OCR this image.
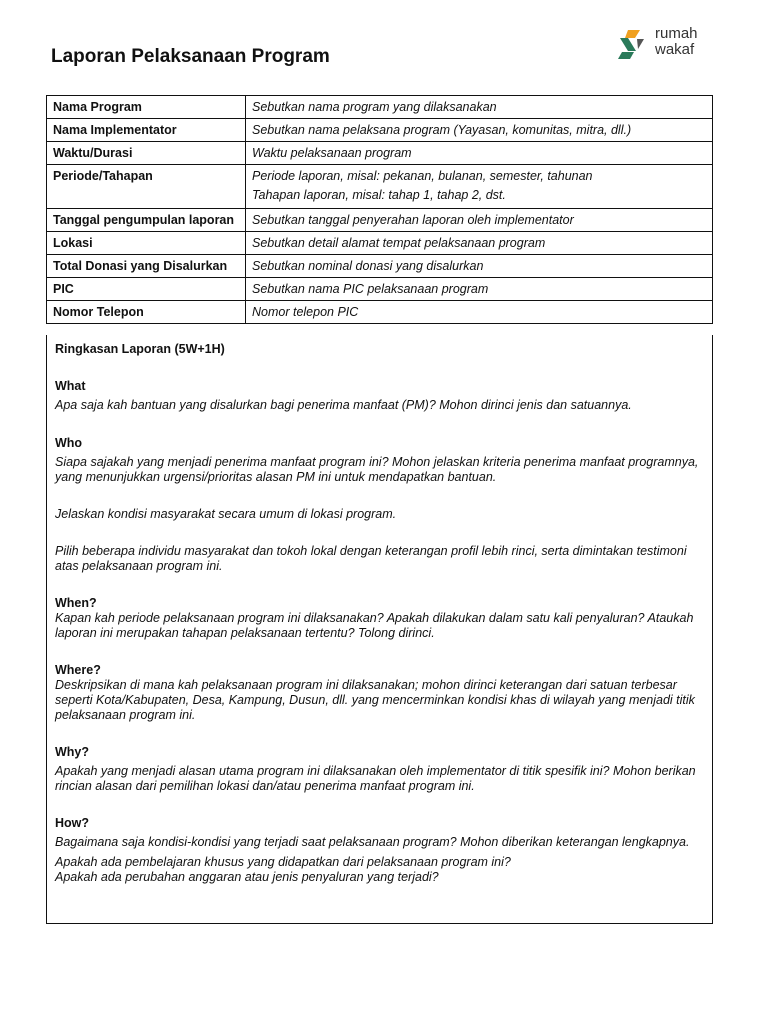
Laporan Pelaksanaan Program
rumah
wakaf
Nama Program	Sebutkan nama program yang dilaksanakan
Nama Implementator	Sebutkan nama pelaksana program (Yayasan, komunitas, mitra, dll.)
Waktu/Durasi	Waktu pelaksanaan program
Periode/Tahapan	Periode laporan, misal: pekanan, bulanan, semester, tahunan
Tahapan laporan, misal: tahap 1, tahap 2, dst.

Tanggal pengumpulan laporan	Sebutkan tanggal penyerahan laporan oleh implementator
Lokasi	Sebutkan detail alamat tempat pelaksanaan program
Total Donasi yang Disalurkan	Sebutkan nominal donasi yang disalurkan
PIC	Sebutkan nama PIC pelaksanaan program
Nomor Telepon	Nomor telepon PIC
Ringkasan Laporan (5W+1H)
What

Apa saja kah bantuan yang disalurkan bagi penerima manfaat (PM)? Mohon dirinci jenis dan satuannya.

Who

Siapa sajakah yang menjadi penerima manfaat program ini? Mohon jelaskan kriteria penerima manfaat programnya, yang menunjukkan urgensi/prioritas alasan PM ini untuk mendapatkan bantuan.

Jelaskan kondisi masyarakat secara umum di lokasi program.

Pilih beberapa individu masyarakat dan tokoh lokal dengan keterangan profil lebih rinci, serta dimintakan testimoni atas pelaksanaan program ini.

When?

Kapan kah periode pelaksanaan program ini dilaksanakan? Apakah dilakukan dalam satu kali penyaluran? Ataukah laporan ini merupakan tahapan pelaksanaan tertentu? Tolong dirinci.

Where?

Deskripsikan di mana kah pelaksanaan program ini dilaksanakan; mohon dirinci keterangan dari satuan terbesar seperti Kota/Kabupaten, Desa, Kampung, Dusun, dll. yang mencerminkan kondisi khas di wilayah yang menjadi titik pelaksanaan program ini.

Why?

Apakah yang menjadi alasan utama program ini dilaksanakan oleh implementator di titik spesifik ini? Mohon berikan rincian alasan dari pemilihan lokasi dan/atau penerima manfaat program ini.

How?

Bagaimana saja kondisi-kondisi yang terjadi saat pelaksanaan program? Mohon diberikan keterangan lengkapnya.

Apakah ada pembelajaran khusus yang didapatkan dari pelaksanaan program ini?

Apakah ada perubahan anggaran atau jenis penyaluran yang terjadi?
